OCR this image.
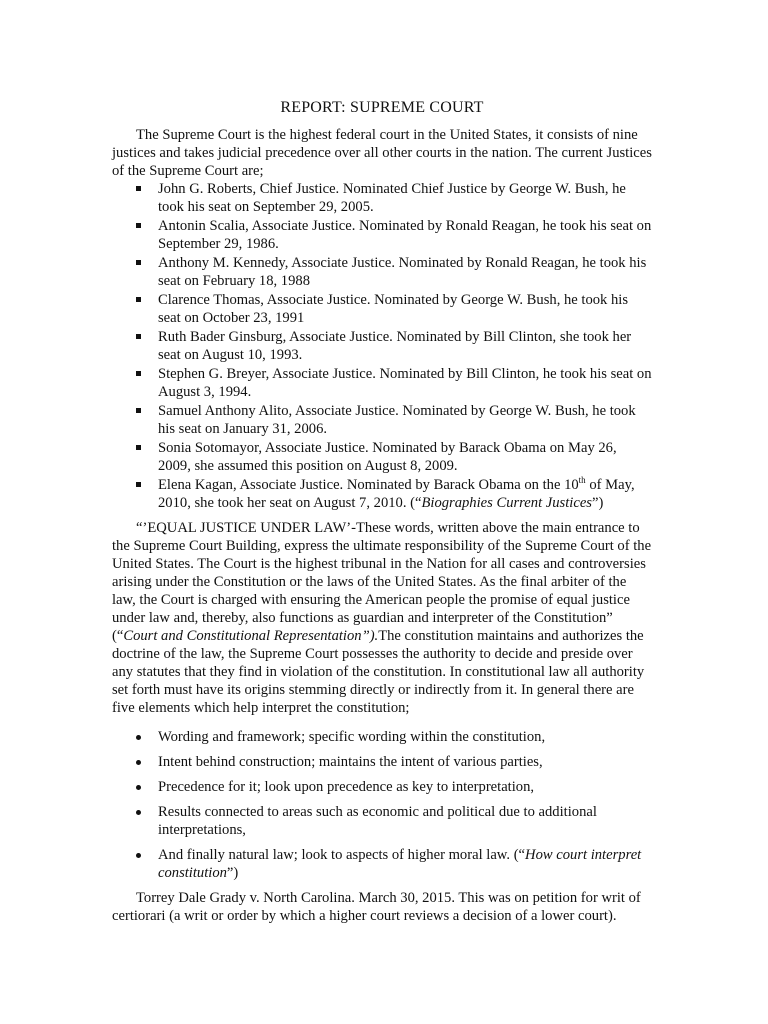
REPORT: SUPREME COURT

The Supreme Court is the highest federal court in the United States, it consists of nine justices and takes judicial precedence over all other courts in the nation. The current Justices of the Supreme Court are;

John G. Roberts, Chief Justice. Nominated Chief Justice by George W. Bush, he took his seat on September 29, 2005.
Antonin Scalia, Associate Justice. Nominated by Ronald Reagan, he took his seat on September 29, 1986.
Anthony M. Kennedy, Associate Justice. Nominated by Ronald Reagan, he took his seat on February 18, 1988
Clarence Thomas, Associate Justice. Nominated by George W. Bush, he took his seat on October 23, 1991
Ruth Bader Ginsburg, Associate Justice. Nominated by Bill Clinton, she took her seat on August 10, 1993.
Stephen G. Breyer, Associate Justice. Nominated by Bill Clinton, he took his seat on August 3, 1994.
Samuel Anthony Alito, Associate Justice. Nominated by George W. Bush, he took his seat on January 31, 2006.
Sonia Sotomayor, Associate Justice. Nominated by Barack Obama on May 26, 2009, she assumed this position on August 8, 2009.
Elena Kagan, Associate Justice. Nominated by Barack Obama on the 10th of May, 2010, she took her seat on August 7, 2010. (“Biographies Current Justices”)

“’EQUAL JUSTICE UNDER LAW’-These words, written above the main entrance to the Supreme Court Building, express the ultimate responsibility of the Supreme Court of the United States. The Court is the highest tribunal in the Nation for all cases and controversies arising under the Constitution or the laws of the United States. As the final arbiter of the law, the Court is charged with ensuring the American people the promise of equal justice under law and, thereby, also functions as guardian and interpreter of the Constitution” (“Court and Constitutional Representation”).The constitution maintains and authorizes the doctrine of the law, the Supreme Court possesses the authority to decide and preside over any statutes that they find in violation of the constitution. In constitutional law all authority set forth must have its origins stemming directly or indirectly from it. In general there are five elements which help interpret the constitution;

Wording and framework; specific wording within the constitution,
Intent behind construction; maintains the intent of various parties,
Precedence for it; look upon precedence as key to interpretation,
Results connected to areas such as economic and political due to additional interpretations,
And finally natural law; look to aspects of higher moral law. (“How court interpret constitution”)

Torrey Dale Grady v. North Carolina. March 30, 2015. This was on petition for writ of certiorari (a writ or order by which a higher court reviews a decision of a lower court).
